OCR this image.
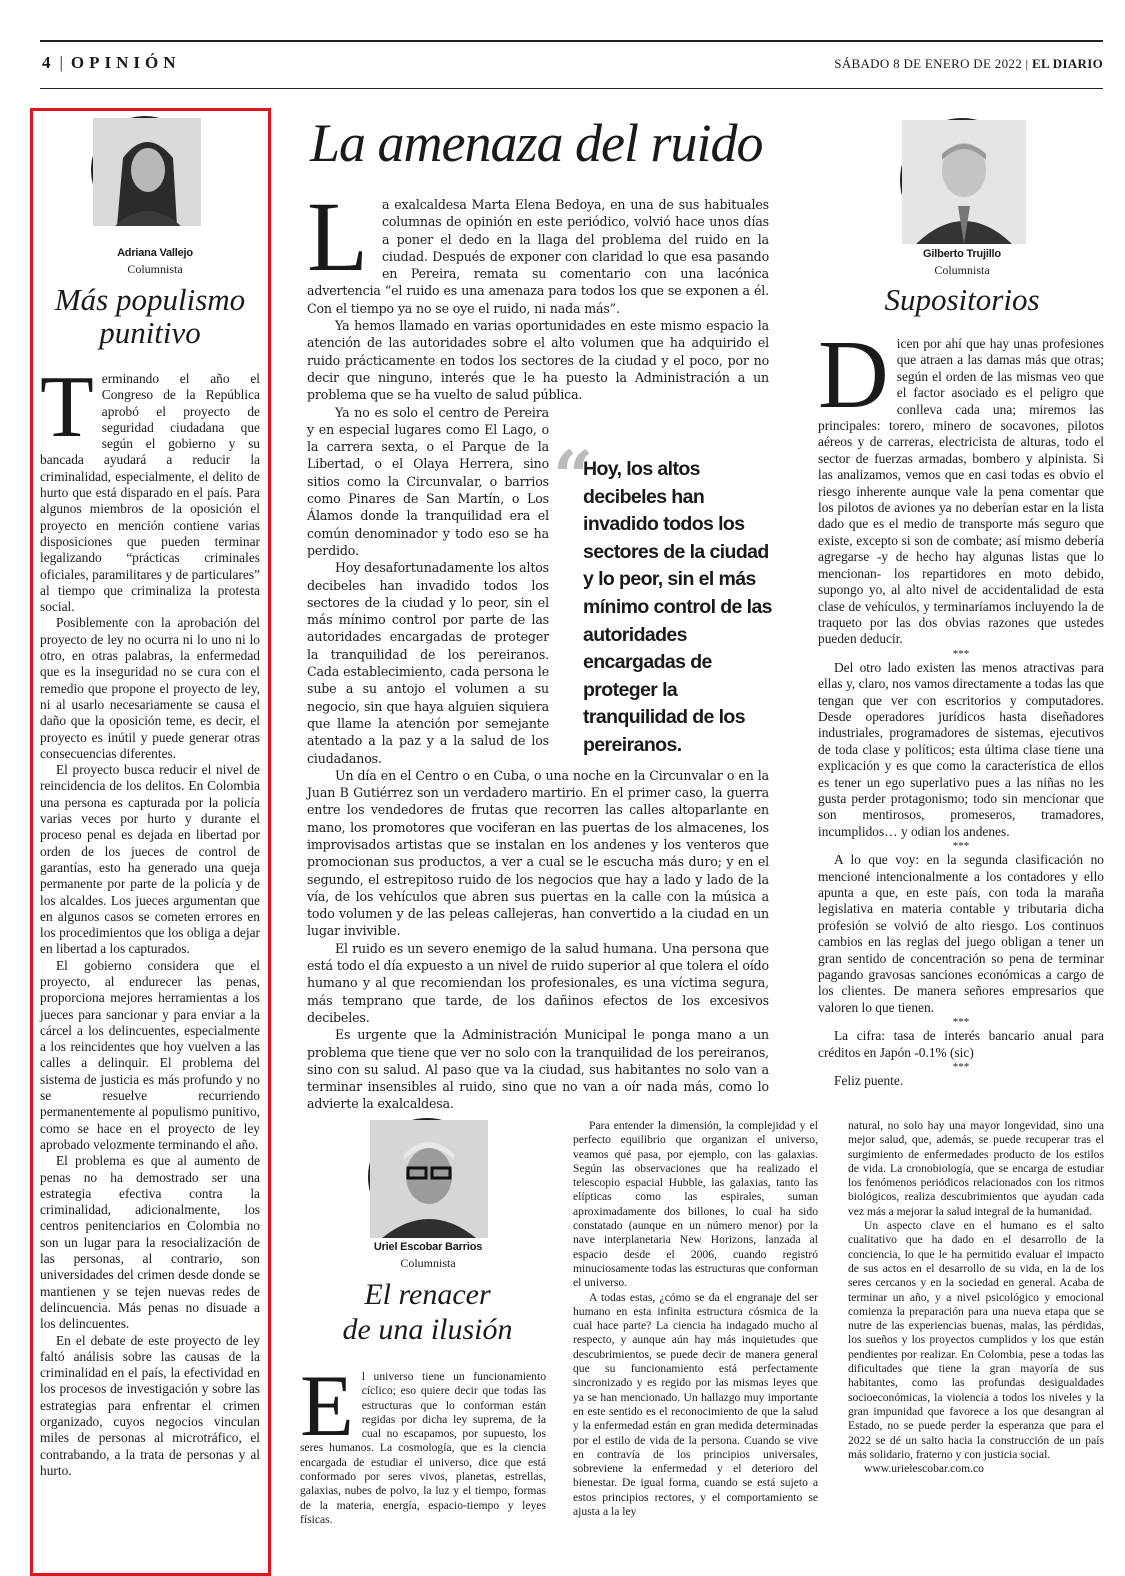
4 | OPINIÓN	SÁBADO 8 DE ENERO DE 2022 | EL DIARIO
Adriana Vallejo
Columnista
Más populismo
punitivo
T erminando el año el Congreso de la República aprobó el proyecto de seguridad ciudadana que según el gobierno y su bancada ayudará a reducir la criminalidad, especialmente, el delito de hurto que está disparado en el país. Para algunos miembros de la oposición el proyecto en mención contiene varias disposiciones que pueden terminar legalizando “prácticas criminales oficiales, paramilitares y de particulares” al tiempo que criminaliza la protesta social.

Posiblemente con la aprobación del proyecto de ley no ocurra ni lo uno ni lo otro, en otras palabras, la enfermedad que es la inseguridad no se cura con el remedio que propone el proyecto de ley, ni al usarlo necesariamente se causa el daño que la oposición teme, es decir, el proyecto es inútil y puede generar otras consecuencias diferentes.

El proyecto busca reducir el nivel de reincidencia de los delitos. En Colombia una persona es capturada por la policía varias veces por hurto y durante el proceso penal es dejada en libertad por orden de los jueces de control de garantías, esto ha generado una queja permanente por parte de la policía y de los alcaldes. Los jueces argumentan que en algunos casos se cometen errores en los procedimientos que los obliga a dejar en libertad a los capturados.

El gobierno considera que el proyecto, al endurecer las penas, proporciona mejores herramientas a los jueces para sancionar y para enviar a la cárcel a los delincuentes, especialmente a los reincidentes que hoy vuelven a las calles a delinquir. El problema del sistema de justicia es más profundo y no se resuelve recurriendo permanentemente al populismo punitivo, como se hace en el proyecto de ley aprobado velozmente terminando el año.

El problema es que al aumento de penas no ha demostrado ser una estrategia efectiva contra la criminalidad, adicionalmente, los centros penitenciarios en Colombia no son un lugar para la resocialización de las personas, al contrario, son universidades del crimen desde donde se mantienen y se tejen nuevas redes de delincuencia. Más penas no disuade a los delincuentes.

En el debate de este proyecto de ley faltó análisis sobre las causas de la criminalidad en el país, la efectividad en los procesos de investigación y sobre las estrategias para enfrentar el crimen organizado, cuyos negocios vinculan miles de personas al microtráfico, el contrabando, a la trata de personas y al hurto.

La amenaza del ruido
L	a exalcaldesa Marta Elena Bedoya, en una de sus habituales columnas de opinión en este periódico, volvió hace unos días a poner el dedo en la llaga del problema del ruido en la ciudad. Después de exponer con claridad lo que esa pasando en Pereira, remata su comentario con una lacónica advertencia “el ruido es una amenaza para todos los que se exponen a él. Con el tiempo ya no se oye el ruido, ni nada más”.

Ya hemos llamado en varias oportunidades en este mismo espacio la atención de las autoridades sobre el alto volumen que ha adquirido el ruido prácticamente en todos los sectores de la ciudad y el poco, por no decir que ninguno, interés que le ha puesto la Administración a un problema que se ha vuelto de salud pública.

Ya no es solo el centro de Pereira y en especial lugares como El Lago, o la carrera sexta, o el Parque de la Libertad, o el Olaya Herrera, sino sitios como la Circunvalar, o barrios como Pinares de San Martín, o Los Álamos donde la tranquilidad era el común denominador y todo eso se ha perdido.

Hoy desafortunadamente los altos decibeles han invadido todos los sectores de la ciudad y lo peor, sin el más mínimo control por parte de las autoridades encargadas de proteger la tranquilidad de los pereiranos. Cada establecimiento, cada persona le sube a su antojo el volumen a su negocio, sin que haya alguien siquiera que llame la atención por semejante atentado a la paz y a la salud de los ciudadanos.

Un día en el Centro o en Cuba, o una noche en la Circunvalar o en la Juan B Gutiérrez son un verdadero martirio. En el primer caso, la guerra entre los vendedores de frutas que recorren las calles altoparlante en mano, los promotores que vociferan en las puertas de los almacenes, los improvisados artistas que se instalan en los andenes y los venteros que promocionan sus productos, a ver a cual se le escucha más duro; y en el segundo, el estrepitoso ruido de los negocios que hay a lado y lado de la vía, de los vehículos que abren sus puertas en la calle con la música a todo volumen y de las peleas callejeras, han convertido a la ciudad en un lugar invivible.

El ruido es un severo enemigo de la salud humana. Una persona que está todo el día expuesto a un nivel de ruido superior al que tolera el oído humano y al que recomiendan los profesionales, es una víctima segura, más temprano que tarde, de los dañinos efectos de los excesivos decibeles.

Es urgente que la Administración Municipal le ponga mano a un problema que tiene que ver no solo con la tranquilidad de los pereiranos, sino con su salud. Al paso que va la ciudad, sus habitantes no solo van a terminar insensibles al ruido, sino que no van a oír nada más, como lo advierte la exalcaldesa.

“
Hoy, los altos decibeles han invadido todos los sectores de la ciudad y lo peor, sin el más mínimo control de las autoridades encargadas de proteger la tranquilidad de los pereiranos.
Gilberto Trujillo
Columnista
Supositorios
D icen por ahí que hay unas profesiones que atraen a las damas más que otras; según el orden de las mismas veo que el factor asociado es el peligro que conlleva cada una; miremos las principales: torero, minero de socavones, pilotos aéreos y de carreras, electricista de alturas, todo el sector de fuerzas armadas, bombero y alpinista. Si las analizamos, vemos que en casi todas es obvio el riesgo inherente aunque vale la pena comentar que los pilotos de aviones ya no deberían estar en la lista dado que es el medio de transporte más seguro que existe, excepto si son de combate; así mismo debería agregarse -y de hecho hay algunas listas que lo mencionan- los repartidores en moto debido, supongo yo, al alto nivel de accidentalidad de esta clase de vehículos, y terminaríamos incluyendo la de traqueto por las dos obvias razones que ustedes pueden deducir.

***

Del otro lado existen las menos atractivas para ellas y, claro, nos vamos directamente a todas las que tengan que ver con escritorios y computadores. Desde operadores jurídicos hasta diseñadores industriales, programadores de sistemas, ejecutivos de toda clase y políticos; esta última clase tiene una explicación y es que como la característica de ellos es tener un ego superlativo pues a las niñas no les gusta perder protagonismo; todo sin mencionar que son mentirosos, promeseros, tramadores, incumplidos… y odian los andenes.

***

A lo que voy: en la segunda clasificación no mencioné intencionalmente a los contadores y ello apunta a que, en este país, con toda la maraña legislativa en materia contable y tributaria dicha profesión se volvió de alto riesgo. Los continuos cambios en las reglas del juego obligan a tener un gran sentido de concentración so pena de terminar pagando gravosas sanciones económicas a cargo de los clientes. De manera señores empresarios que valoren lo que tienen.

***

La cifra: tasa de interés bancario anual para créditos en Japón -0.1% (sic)

***

Feliz puente.

Uriel Escobar Barrios
Columnista
El renacer
de una ilusión
E l universo tiene un funcionamiento cíclico; eso quiere decir que todas las estructuras que lo conforman están regidas por dicha ley suprema, de la cual no escapamos, por supuesto, los seres humanos. La cosmología, que es la ciencia encargada de estudiar el universo, dice que está conformado por seres vivos, planetas, estrellas, galaxias, nubes de polvo, la luz y el tiempo, formas de la materia, energía, espacio-tiempo y leyes físicas.

Para entender la dimensión, la complejidad y el perfecto equilibrio que organizan el universo, veamos qué pasa, por ejemplo, con las galaxias. Según las observaciones que ha realizado el telescopio espacial Hubble, las galaxias, tanto las elípticas como las espirales, suman aproximadamente dos billones, lo cual ha sido constatado (aunque en un número menor) por la nave interplanetaria New Horizons, lanzada al espacio desde el 2006, cuando registró minuciosamente todas las estructuras que conforman el universo.

A todas estas, ¿cómo se da el engranaje del ser humano en esta infinita estructura cósmica de la cual hace parte? La ciencia ha indagado mucho al respecto, y aunque aún hay más inquietudes que descubrimientos, se puede decir de manera general que su funcionamiento está perfectamente sincronizado y es regido por las mismas leyes que ya se han mencionado. Un hallazgo muy importante en este sentido es el reconocimiento de que la salud y la enfermedad están en gran medida determinadas por el estilo de vida de la persona. Cuando se vive en contravía de los principios universales, sobreviene la enfermedad y el deterioro del bienestar. De igual forma, cuando se está sujeto a estos principios rectores, y el comportamiento se ajusta a la ley

natural, no solo hay una mayor longevidad, sino una mejor salud, que, además, se puede recuperar tras el surgimiento de enfermedades producto de los estilos de vida. La cronobiología, que se encarga de estudiar los fenómenos periódicos relacionados con los ritmos biológicos, realiza descubrimientos que ayudan cada vez más a mejorar la salud integral de la humanidad.

Un aspecto clave en el humano es el salto cualitativo que ha dado en el desarrollo de la conciencia, lo que le ha permitido evaluar el impacto de sus actos en el desarrollo de su vida, en la de los seres cercanos y en la sociedad en general. Acaba de terminar un año, y a nivel psicológico y emocional comienza la preparación para una nueva etapa que se nutre de las experiencias buenas, malas, las pérdidas, los sueños y los proyectos cumplidos y los que están pendientes por realizar. En Colombia, pese a todas las dificultades que tiene la gran mayoría de sus habitantes, como las profundas desigualdades socioeconómicas, la violencia a todos los niveles y la gran impunidad que favorece a los que desangran al Estado, no se puede perder la esperanza que para el 2022 se dé un salto hacia la construcción de un país más solidario, fraterno y con justicia social.

www.urielescobar.com.co
